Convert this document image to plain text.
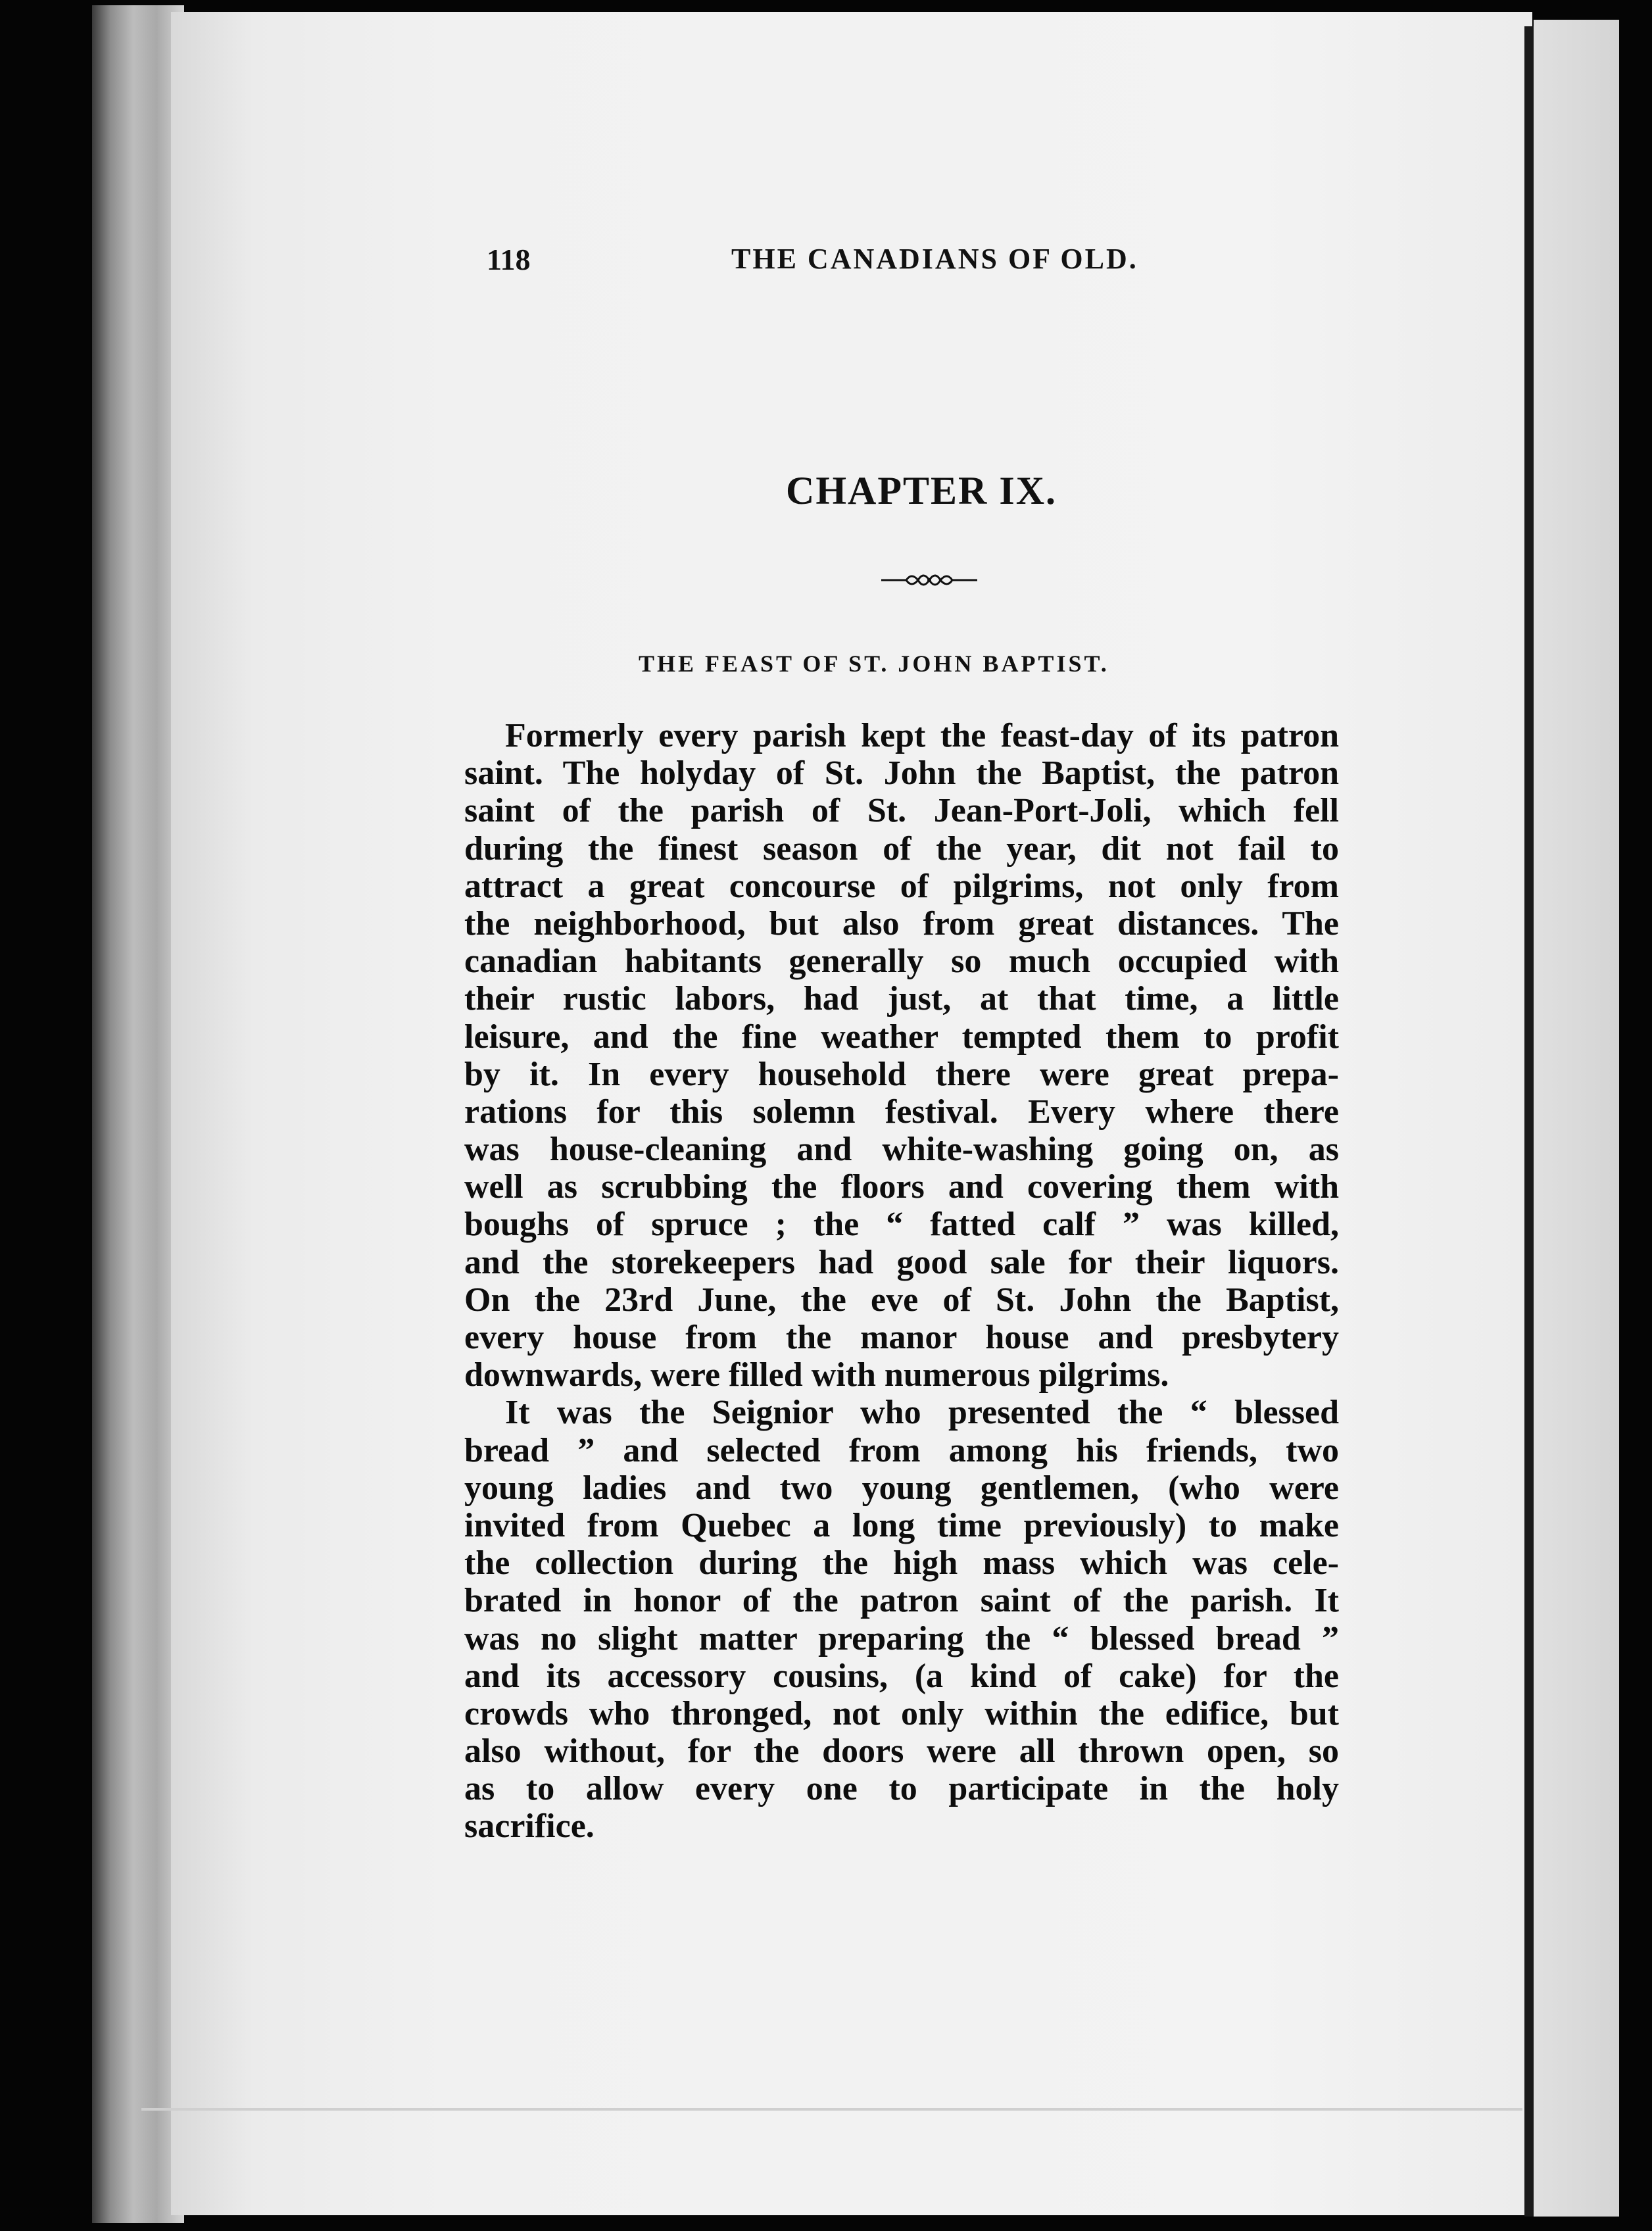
118	THE CANADIANS OF OLD.
CHAPTER IX.
THE FEAST OF ST. JOHN BAPTIST.
Formerly every parish kept the feast-day of its patron
saint. The holyday of St. John the Baptist, the patron
saint of the parish of St. Jean-Port-Joli, which fell
during the finest season of the year, dit not fail to
attract a great concourse of pilgrims, not only from
the neighborhood, but also from great distances. The
canadian habitants generally so much occupied with
their rustic labors, had just, at that time, a little
leisure, and the fine weather tempted them to profit
by it. In every household there were great prepa-
rations for this solemn festival. Every where there
was house-cleaning and white-washing going on, as
well as scrubbing the floors and covering them with
boughs of spruce ; the “ fatted calf ” was killed,
and the storekeepers had good sale for their liquors.
On the 23rd June, the eve of St. John the Baptist,
every house from the manor house and presbytery
downwards, were filled with numerous pilgrims.
It was the Seignior who presented the “ blessed
bread ” and selected from among his friends, two
young ladies and two young gentlemen, (who were
invited from Quebec a long time previously) to make
the collection during the high mass which was cele-
brated in honor of the patron saint of the parish. It
was no slight matter preparing the “ blessed bread ”
and its accessory cousins, (a kind of cake) for the
crowds who thronged, not only within the edifice, but
also without, for the doors were all thrown open, so
as to allow every one to participate in the holy
sacrifice.
